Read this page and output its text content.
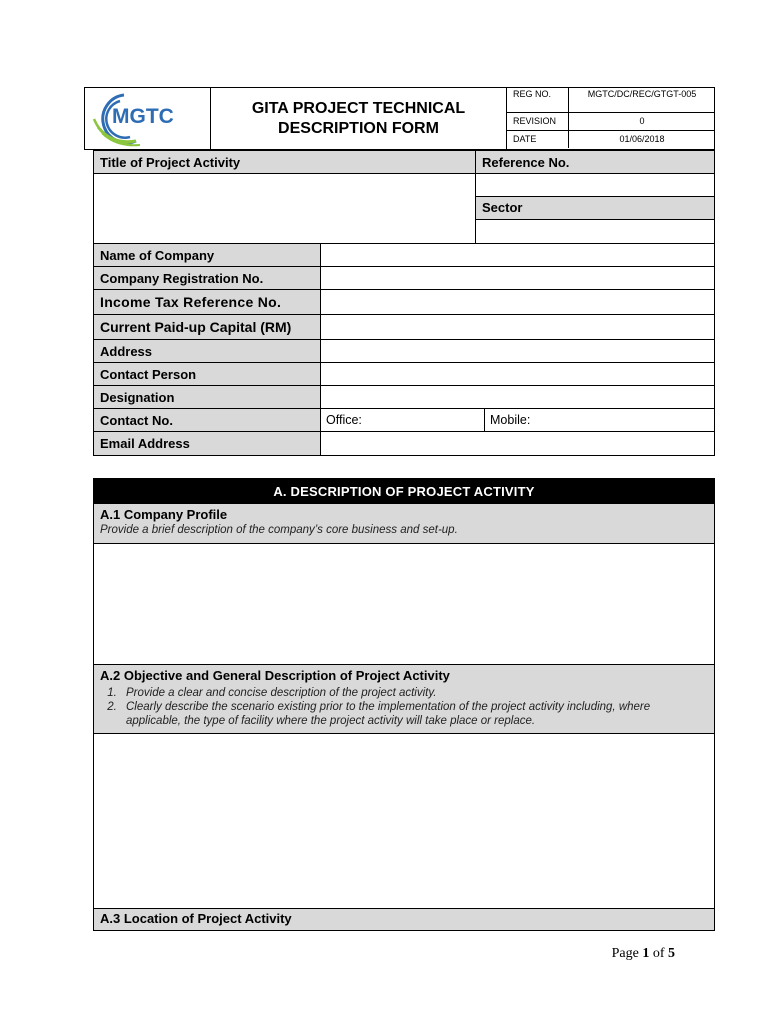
MGTC	GITA PROJECT TECHNICAL
DESCRIPTION FORM
REG NO.	MGTC/DC/REC/GTGT-005
REVISION	0
DATE	01/06/2018
Title of Project Activity	Reference No.
Sector
Name of Company
Company Registration No.
Income Tax Reference No.
Current Paid-up Capital (RM)
Address
Contact Person
Designation
Contact No.	Office:	Mobile:
Email Address
A. DESCRIPTION OF PROJECT ACTIVITY
A.1 Company Profile
Provide a brief description of the company’s core business and set-up.
A.2 Objective and General Description of Project Activity
1. Provide a clear and concise description of the project activity.
2. Clearly describe the scenario existing prior to the implementation of the project activity including, where applicable, the type of facility where the project activity will take place or replace.
A.3 Location of Project Activity
Page 1 of 5
